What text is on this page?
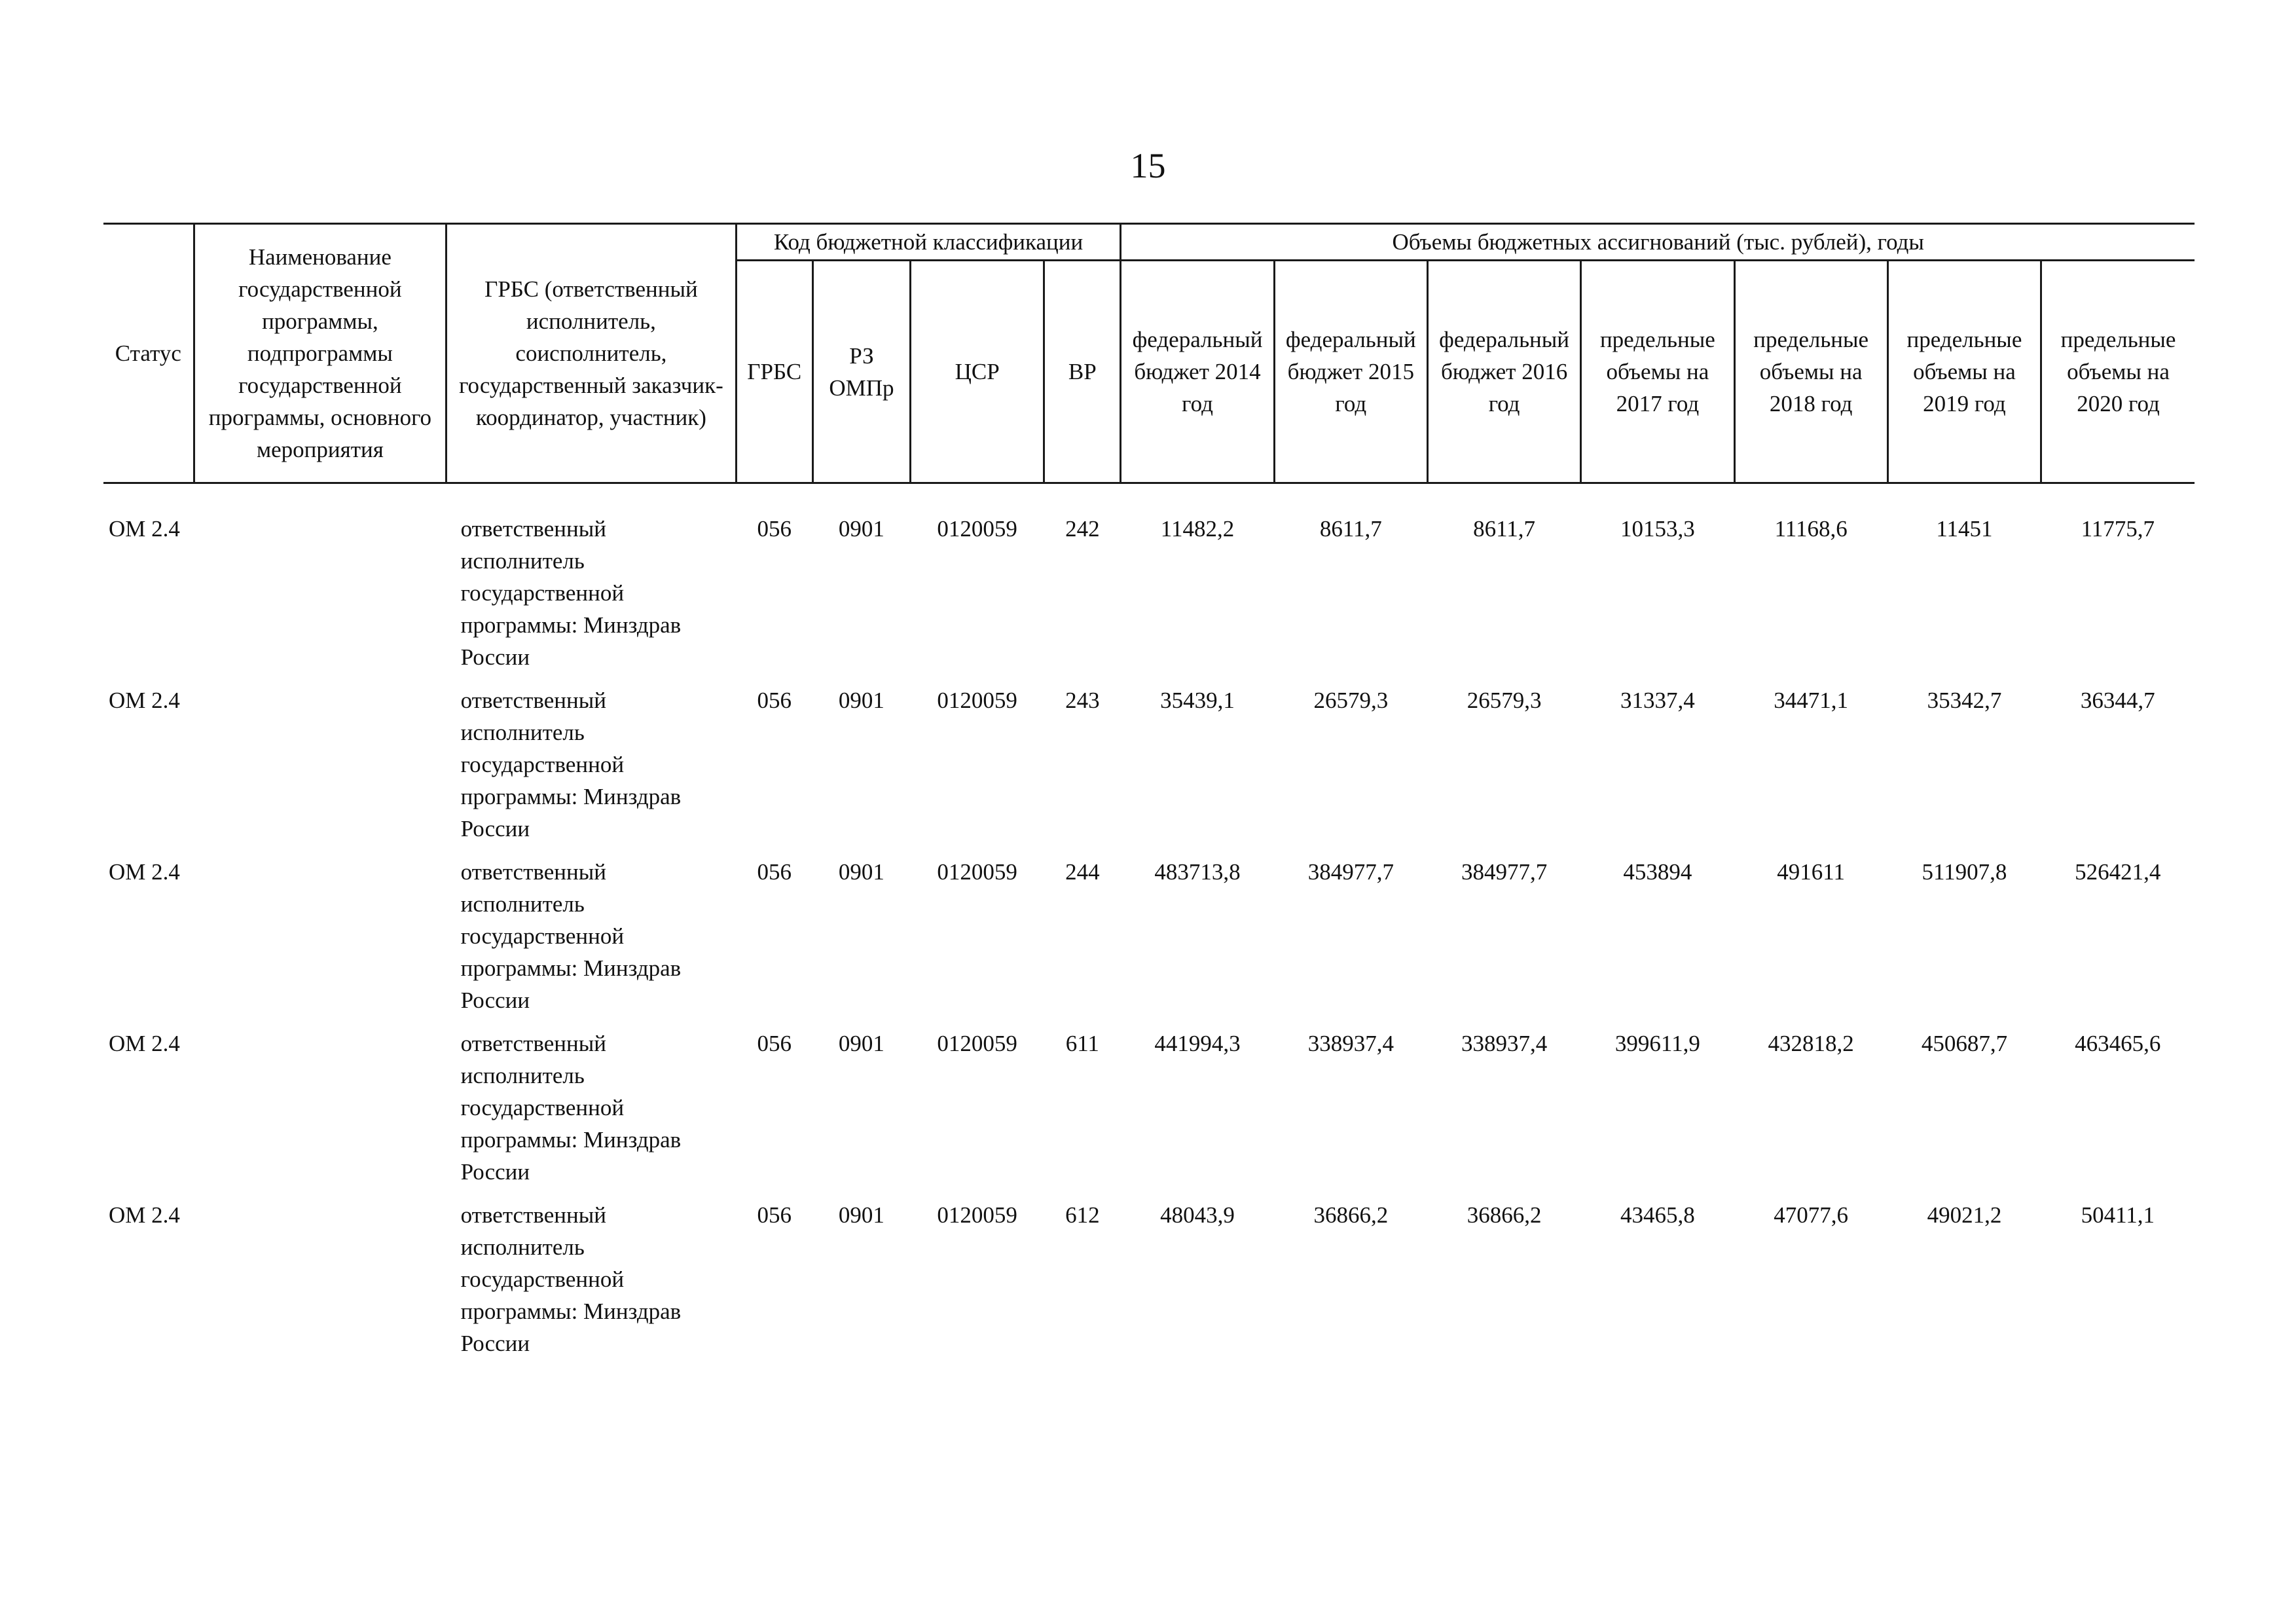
15
Статус	Наименование государственной программы, подпрограммы государственной программы, основного мероприятия	ГРБС (ответственный исполнитель, соисполнитель, государственный заказчик-координатор, участник)	Код бюджетной классификации				Объемы бюджетных ассигнований (тыс. рублей), годы						
			ГРБС	РЗ ОМПр	ЦСР	ВР	федеральный бюджет 2014 год	федеральный бюджет 2015 год	федеральный бюджет 2016 год	предельные объемы на 2017 год	предельные объемы на 2018 год	предельные объемы на 2019 год	предельные объемы на 2020 год
ОМ 2.4		ответственный исполнитель государственной программы: Минздрав России	056	0901	0120059	242	11482,2	8611,7	8611,7	10153,3	11168,6	11451	11775,7
ОМ 2.4		ответственный исполнитель государственной программы: Минздрав России	056	0901	0120059	243	35439,1	26579,3	26579,3	31337,4	34471,1	35342,7	36344,7
ОМ 2.4		ответственный исполнитель государственной программы: Минздрав России	056	0901	0120059	244	483713,8	384977,7	384977,7	453894	491611	511907,8	526421,4
ОМ 2.4		ответственный исполнитель государственной программы: Минздрав России	056	0901	0120059	611	441994,3	338937,4	338937,4	399611,9	432818,2	450687,7	463465,6
ОМ 2.4		ответственный исполнитель государственной программы: Минздрав России	056	0901	0120059	612	48043,9	36866,2	36866,2	43465,8	47077,6	49021,2	50411,1
